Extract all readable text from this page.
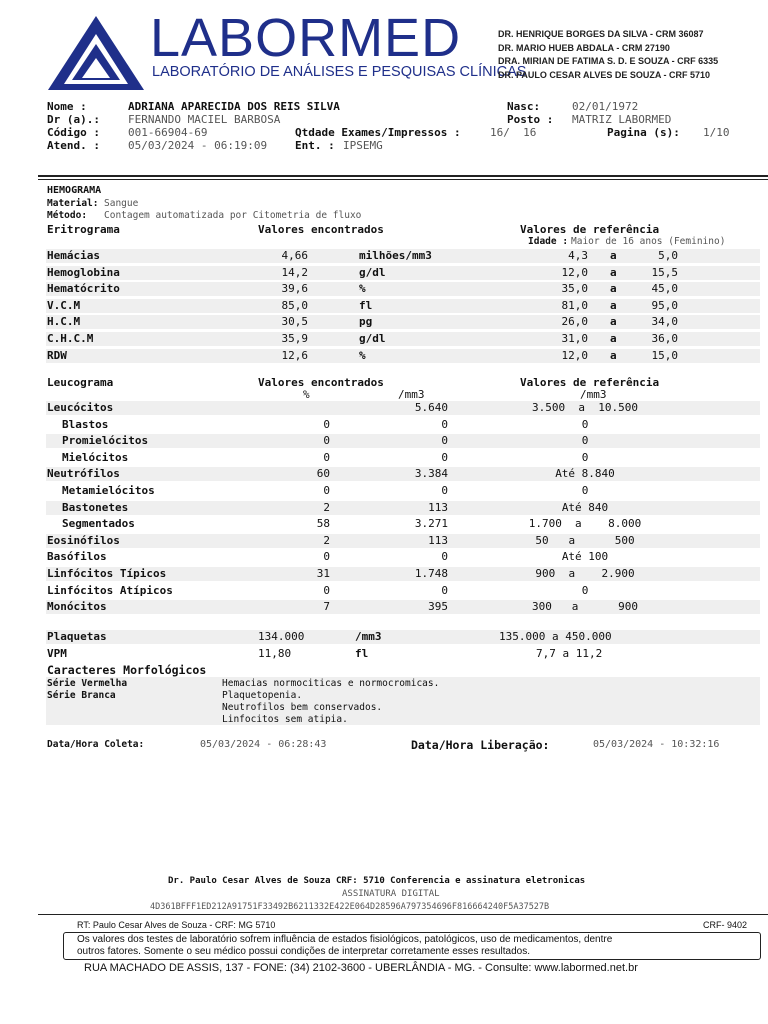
LABORMED
LABORATÓRIO DE ANÁLISES E PESQUISAS CLÍNICAS
DR. HENRIQUE BORGES DA SILVA - CRM 36087
DR. MARIO HUEB ABDALA - CRM 27190
DRA. MIRIAN DE FATIMA S. D. E SOUZA - CRF 6335
DR. PAULO CESAR ALVES DE SOUZA - CRF 5710
Nome :	ADRIANA APARECIDA DOS REIS SILVA	Nasc:	02/01/1972
Dr (a).:	FERNANDO MACIEL BARBOSA	Posto : MATRIZ LABORMED
Código :	001-66904-69	Qtdade Exames/Impressos :	16/  16	Pagina (s): 1/10
Atend. :	05/03/2024 - 06:19:09	Ent. : IPSEMG
HEMOGRAMA
Material: Sangue
Método: Contagem automatizada por Citometria de fluxo
Eritrograma	Valores encontrados	Valores de referência
Idade : Maior de 16 anos (Feminino)
Hemácias	4,66	milhões/mm3	4,3 a	5,0
Hemoglobina	14,2	g/dl	12,0 a	15,5
Hematócrito	39,6	%	35,0 a	45,0
V.C.M	85,0	fl	81,0 a	95,0
H.C.M	30,5	pg	26,0 a	34,0
C.H.C.M	35,9	g/dl	31,0 a	36,0
RDW	12,6	%	12,0 a	15,0
Leucograma	Valores encontrados	Valores de referência
%	/mm3	/mm3
Leucócitos	5.640	3.500  a  10.500
Blastos	0	0	0
Promielócitos	0	0	0
Mielócitos	0	0	0
Neutrófilos	60	3.384	Até 8.840
Metamielócitos	0	0	0
Bastonetes	2	113	Até 840
Segmentados	58	3.271	1.700  a    8.000
Eosinófilos	2	113	50   a      500
Basófilos	0	0	Até 100
Linfócitos Típicos	31	1.748	900  a    2.900
Linfócitos Atípicos	0	0	0
Monócitos	7	395	300   a      900
Plaquetas	134.000	/mm3	135.000 a 450.000
VPM	11,80	fl	7,7 a 11,2
Caracteres Morfológicos
Série Vermelha	Hemacias normociticas e normocromicas.
Série Branca	Plaquetopenia.
Neutrofilos bem conservados.
Linfocitos sem atipia.
Data/Hora Coleta:	05/03/2024 - 06:28:43	Data/Hora Liberação:	05/03/2024 - 10:32:16
Dr. Paulo Cesar Alves de Souza CRF: 5710 Conferencia e assinatura eletronicas
ASSINATURA DIGITAL
4D361BFFF1ED212A91751F33492B6211332E422E064D28596A797354696F816664240F5A37527B
RT: Paulo Cesar Alves de Souza - CRF: MG 5710	CRF- 9402
Os valores dos testes de laboratório sofrem influência de estados fisiológicos, patológicos, uso de medicamentos, dentre
outros fatores. Somente o seu médico possui condições de interpretar corretamente esses resultados.
RUA MACHADO DE ASSIS, 137 - FONE: (34) 2102-3600 - UBERLÂNDIA - MG. - Consulte: www.labormed.net.br
